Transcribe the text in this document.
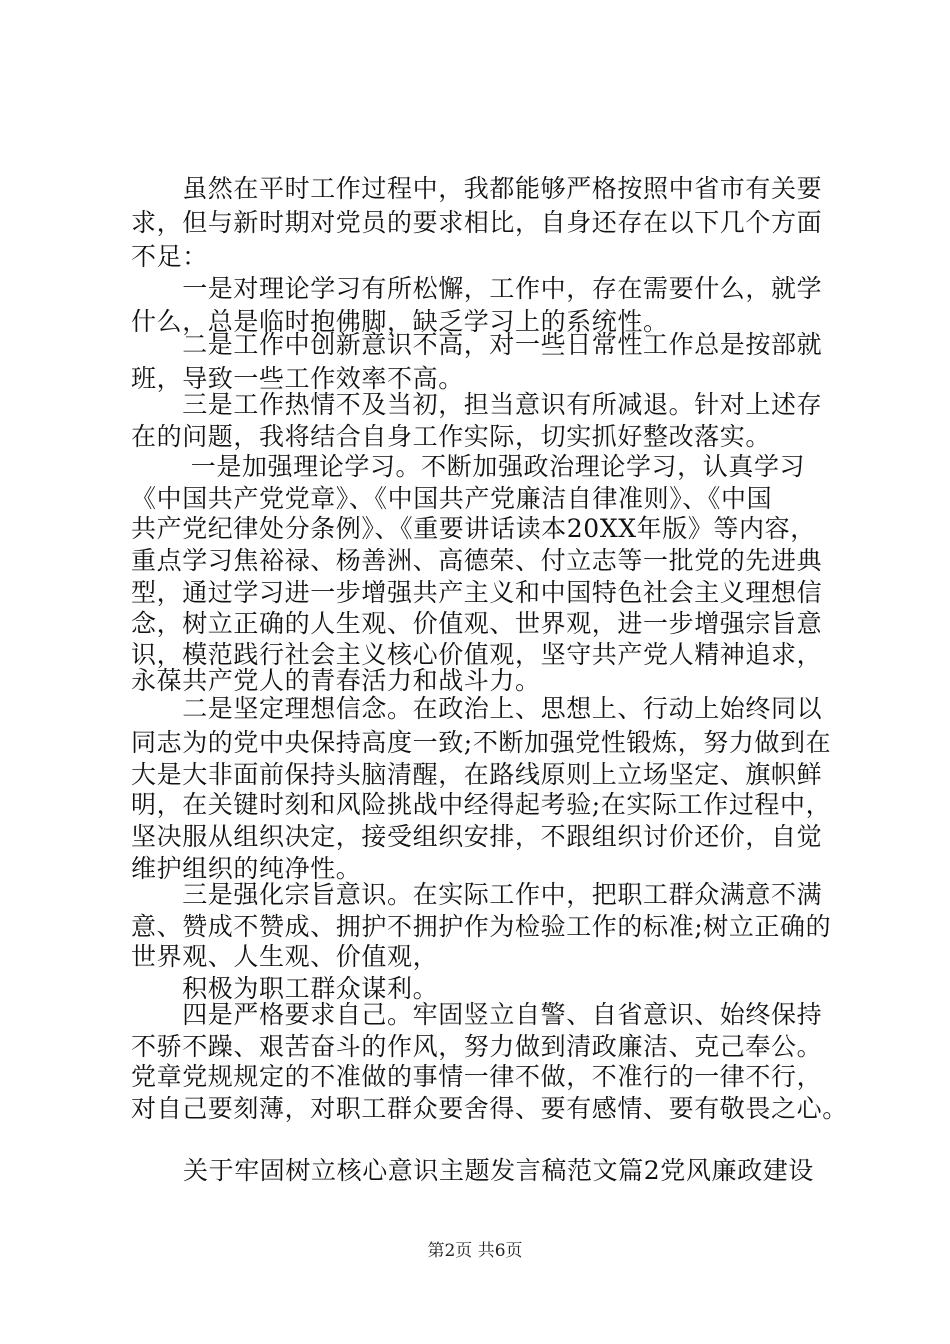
　　虽然在平时工作过程中，我都能够严格按照中省市有关要
求，但与新时期对党员的要求相比，自身还存在以下几个方面
不足：
　　一是对理论学习有所松懈，工作中，存在需要什么，就学
什么，总是临时抱佛脚，缺乏学习上的系统性。
　　二是工作中创新意识不高，对一些日常性工作总是按部就
班，导致一些工作效率不高。
　　三是工作热情不及当初，担当意识有所减退。针对上述存
在的问题，我将结合自身工作实际，切实抓好整改落实。
　　 一是加强理论学习。不断加强政治理论学习，认真学习
《中国共产党党章》、《中国共产党廉洁自律准则》、《中国
共产党纪律处分条例》、《重要讲话读本20XX年版》等内容，
重点学习焦裕禄、杨善洲、高德荣、付立志等一批党的先进典
型，通过学习进一步增强共产主义和中国特色社会主义理想信
念，树立正确的人生观、价值观、世界观，进一步增强宗旨意
识，模范践行社会主义核心价值观，坚守共产党人精神追求，
永葆共产党人的青春活力和战斗力。
　　二是坚定理想信念。在政治上、思想上、行动上始终同以
同志为的党中央保持高度一致;不断加强党性锻炼，努力做到在
大是大非面前保持头脑清醒，在路线原则上立场坚定、旗帜鲜
明，在关键时刻和风险挑战中经得起考验;在实际工作过程中，
坚决服从组织决定，接受组织安排，不跟组织讨价还价，自觉
维护组织的纯净性。
　　三是强化宗旨意识。在实际工作中，把职工群众满意不满
意、赞成不赞成、拥护不拥护作为检验工作的标准;树立正确的
世界观、人生观、价值观，
　　积极为职工群众谋利。
　　四是严格要求自己。牢固竖立自警、自省意识、始终保持
不骄不躁、艰苦奋斗的作风，努力做到清政廉洁、克己奉公。
党章党规规定的不准做的事情一律不做，不准行的一律不行，
对自己要刻薄，对职工群众要舍得、要有感情、要有敬畏之心。
关于牢固树立核心意识主题发言稿范文篇2党风廉政建设
第2页 共6页
